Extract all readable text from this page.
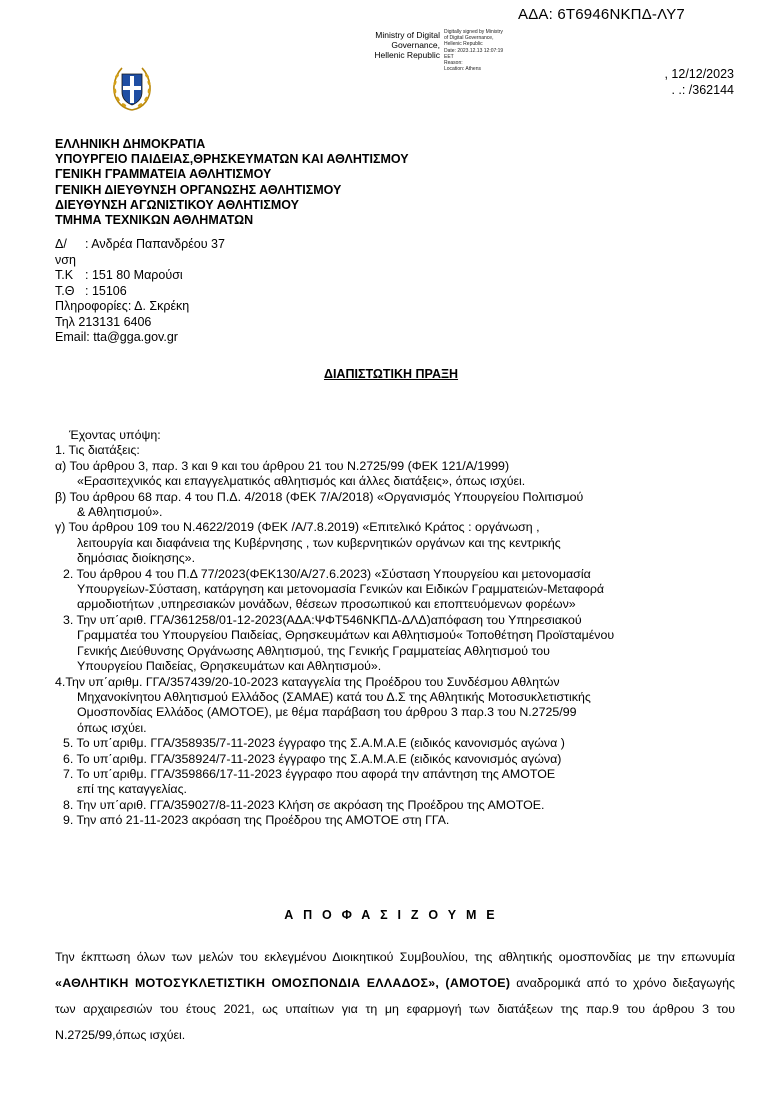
ΑΔΑ: 6Τ6946ΝΚΠΔ-ΛΥ7
Ministry of Digital
Governance,
Hellenic Republic
Digitally signed by Ministry
of Digital Governance,
Hellenic Republic
Date: 2023.12.13 12:07:19
EET
Reason:
Location: Athens	, 12/12/2023
. .: /362144
ΕΛΛΗΝΙΚΗ ΔΗΜΟΚΡΑΤΙΑ
ΥΠΟΥΡΓΕΙΟ ΠΑΙΔΕΙΑΣ,ΘΡΗΣΚΕΥΜΑΤΩΝ ΚΑΙ ΑΘΛΗΤΙΣΜΟΥ
ΓΕΝΙΚΗ ΓΡΑΜΜΑΤΕΙΑ ΑΘΛΗΤΙΣΜΟΥ
ΓΕΝΙΚΗ ΔΙΕΥΘΥΝΣΗ ΟΡΓΑΝΩΣΗΣ ΑΘΛΗΤΙΣΜΟΥ
ΔΙΕΥΘΥΝΣΗ ΑΓΩΝΙΣΤΙΚΟΥ ΑΘΛΗΤΙΣΜΟΥ
ΤΜΗΜΑ ΤΕΧΝΙΚΩΝ ΑΘΛΗΜΑΤΩΝ
Δ/νση
: Ανδρέα Παπανδρέου 37
Τ.Κ : 151 80 Μαρούσι
Τ.Θ : 15106
Πληροφορίες: Δ. Σκρέκη
Τηλ 213131 6406
Email: tta@gga.gov.gr
ΔΙΑΠΙΣΤΩΤΙΚΗ ΠΡΑΞΗ
Έχοντας υπόψη:
1. Τις διατάξεις:
α) Του άρθρου 3, παρ. 3 και 9 και του άρθρου 21 του Ν.2725/99 (ΦΕΚ 121/Α/1999)
«Ερασιτεχνικός και επαγγελματικός αθλητισμός και άλλες διατάξεις», όπως ισχύει.
β) Του άρθρου 68 παρ. 4 του Π.Δ. 4/2018 (ΦΕΚ 7/Α/2018) «Οργανισμός Υπουργείου Πολιτισμού
& Αθλητισμού».
γ) Του άρθρου 109 του Ν.4622/2019 (ΦΕΚ /Α/7.8.2019) «Επιτελικό Κράτος : οργάνωση ,
λειτουργία και διαφάνεια της Κυβέρνησης , των κυβερνητικών οργάνων και της κεντρικής
δημόσιας διοίκησης».
2. Του άρθρου 4 του Π.Δ 77/2023(ΦΕΚ130/Α/27.6.2023) «Σύσταση Υπουργείου και μετονομασία
Υπουργείων-Σύσταση, κατάργηση και μετονομασία Γενικών και Ειδικών Γραμματειών-Μεταφορά
αρμοδιοτήτων ,υπηρεσιακών μονάδων, θέσεων προσωπικού και εποπτευόμενων φορέων»
3. Την υπ΄αριθ. ΓΓΑ/361258/01-12-2023(ΑΔΑ:ΨΦΤ546ΝΚΠΔ-ΔΛΔ)απόφαση του Υπηρεσιακού
Γραμματέα του Υπουργείου Παιδείας, Θρησκευμάτων και Αθλητισμού« Τοποθέτηση Προϊσταμένου
Γενικής Διεύθυνσης Οργάνωσης Αθλητισμού, της Γενικής Γραμματείας Αθλητισμού του
Υπουργείου Παιδείας, Θρησκευμάτων και Αθλητισμού».
4.Την υπ΄αριθμ. ΓΓΑ/357439/20-10-2023 καταγγελία της Προέδρου του Συνδέσμου Αθλητών
Μηχανοκίνητου Αθλητισμού Ελλάδος (ΣΑΜΑΕ) κατά του Δ.Σ της Αθλητικής Μοτοσυκλετιστικής
Ομοσπονδίας Ελλάδος (ΑΜΟΤΟΕ), με θέμα παράβαση του άρθρου 3 παρ.3 του Ν.2725/99
όπως ισχύει.
5. Το υπ΄αριθμ. ΓΓΑ/358935/7-11-2023 έγγραφο της Σ.Α.Μ.Α.Ε (ειδικός κανονισμός αγώνα )
6. Το υπ΄αριθμ. ΓΓΑ/358924/7-11-2023 έγγραφο της Σ.Α.Μ.Α.Ε (ειδικός κανονισμός αγώνα)
7. Το υπ΄αριθμ. ΓΓΑ/359866/17-11-2023 έγγραφο που αφορά την απάντηση της ΑΜΟΤΟΕ
επί της καταγγελίας.
8. Την υπ΄αριθ. ΓΓΑ/359027/8-11-2023 Κλήση σε ακρόαση της Προέδρου της ΑΜΟΤΟΕ.
9. Την από 21-11-2023 ακρόαση της Προέδρου της ΑΜΟΤΟΕ στη ΓΓΑ.
Α Π Ο Φ Α Σ Ι Ζ Ο Υ Μ Ε
Την έκπτωση όλων των μελών του εκλεγμένου Διοικητικού Συμβουλίου, της αθλητικής ομοσπονδίας με την επωνυμία «ΑΘΛΗΤΙΚΗ ΜΟΤΟΣΥΚΛΕΤΙΣΤΙΚΗ ΟΜΟΣΠΟΝΔΙΑ ΕΛΛΑΔΟΣ», (ΑΜΟΤΟΕ) αναδρομικά από το χρόνο διεξαγωγής των αρχαιρεσιών του έτους 2021, ως υπαίτιων για τη μη εφαρμογή των διατάξεων της παρ.9 του άρθρου 3 του Ν.2725/99,όπως ισχύει.
